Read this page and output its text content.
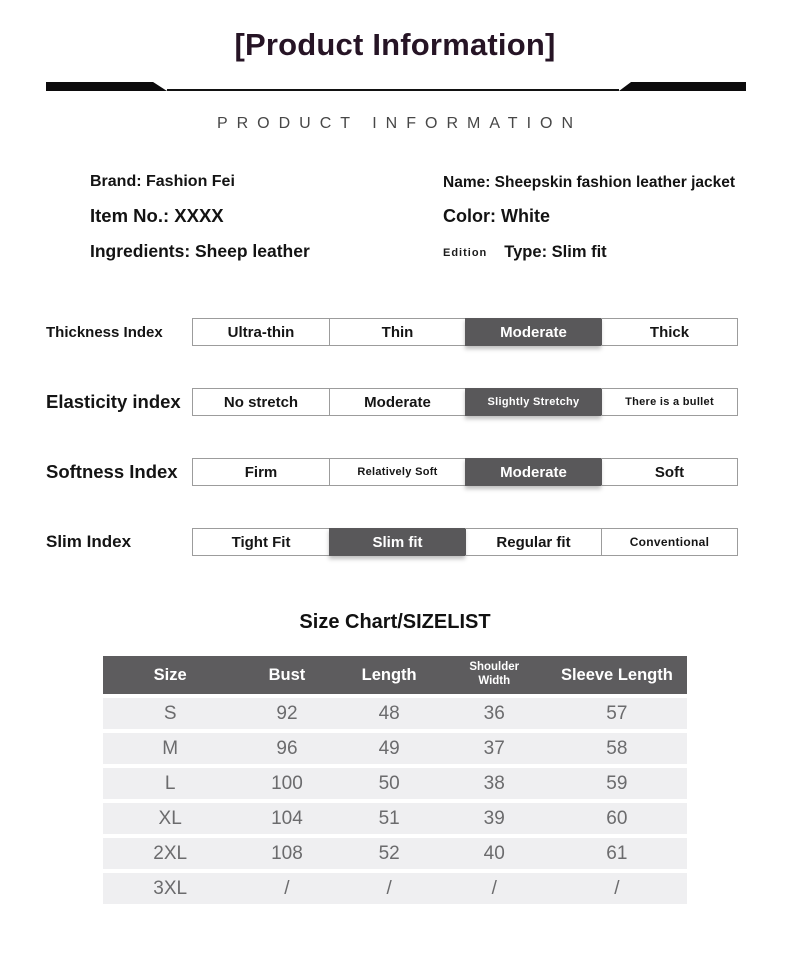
[Product Information]
PRODUCT INFORMATION
Brand: Fashion Fei
Item No.: XXXX
Ingredients: Sheep leather
Name: Sheepskin fashion leather jacket
Color: White
Edition Type: Slim fit
Thickness Index	Ultra-thin	Thin	Moderate	Thick
Elasticity index	No stretch	Moderate	Slightly Stretchy	There is a bullet
Softness Index	Firm	Relatively Soft	Moderate	Soft
Slim Index	Tight Fit	Slim fit	Regular fit	Conventional
Size Chart/SIZELIST
Size	Bust	Length	Shoulder Width	Sleeve Length
S	92	48	36	57
M	96	49	37	58
L	100	50	38	59
XL	104	51	39	60
2XL	108	52	40	61
3XL	/	/	/	/
